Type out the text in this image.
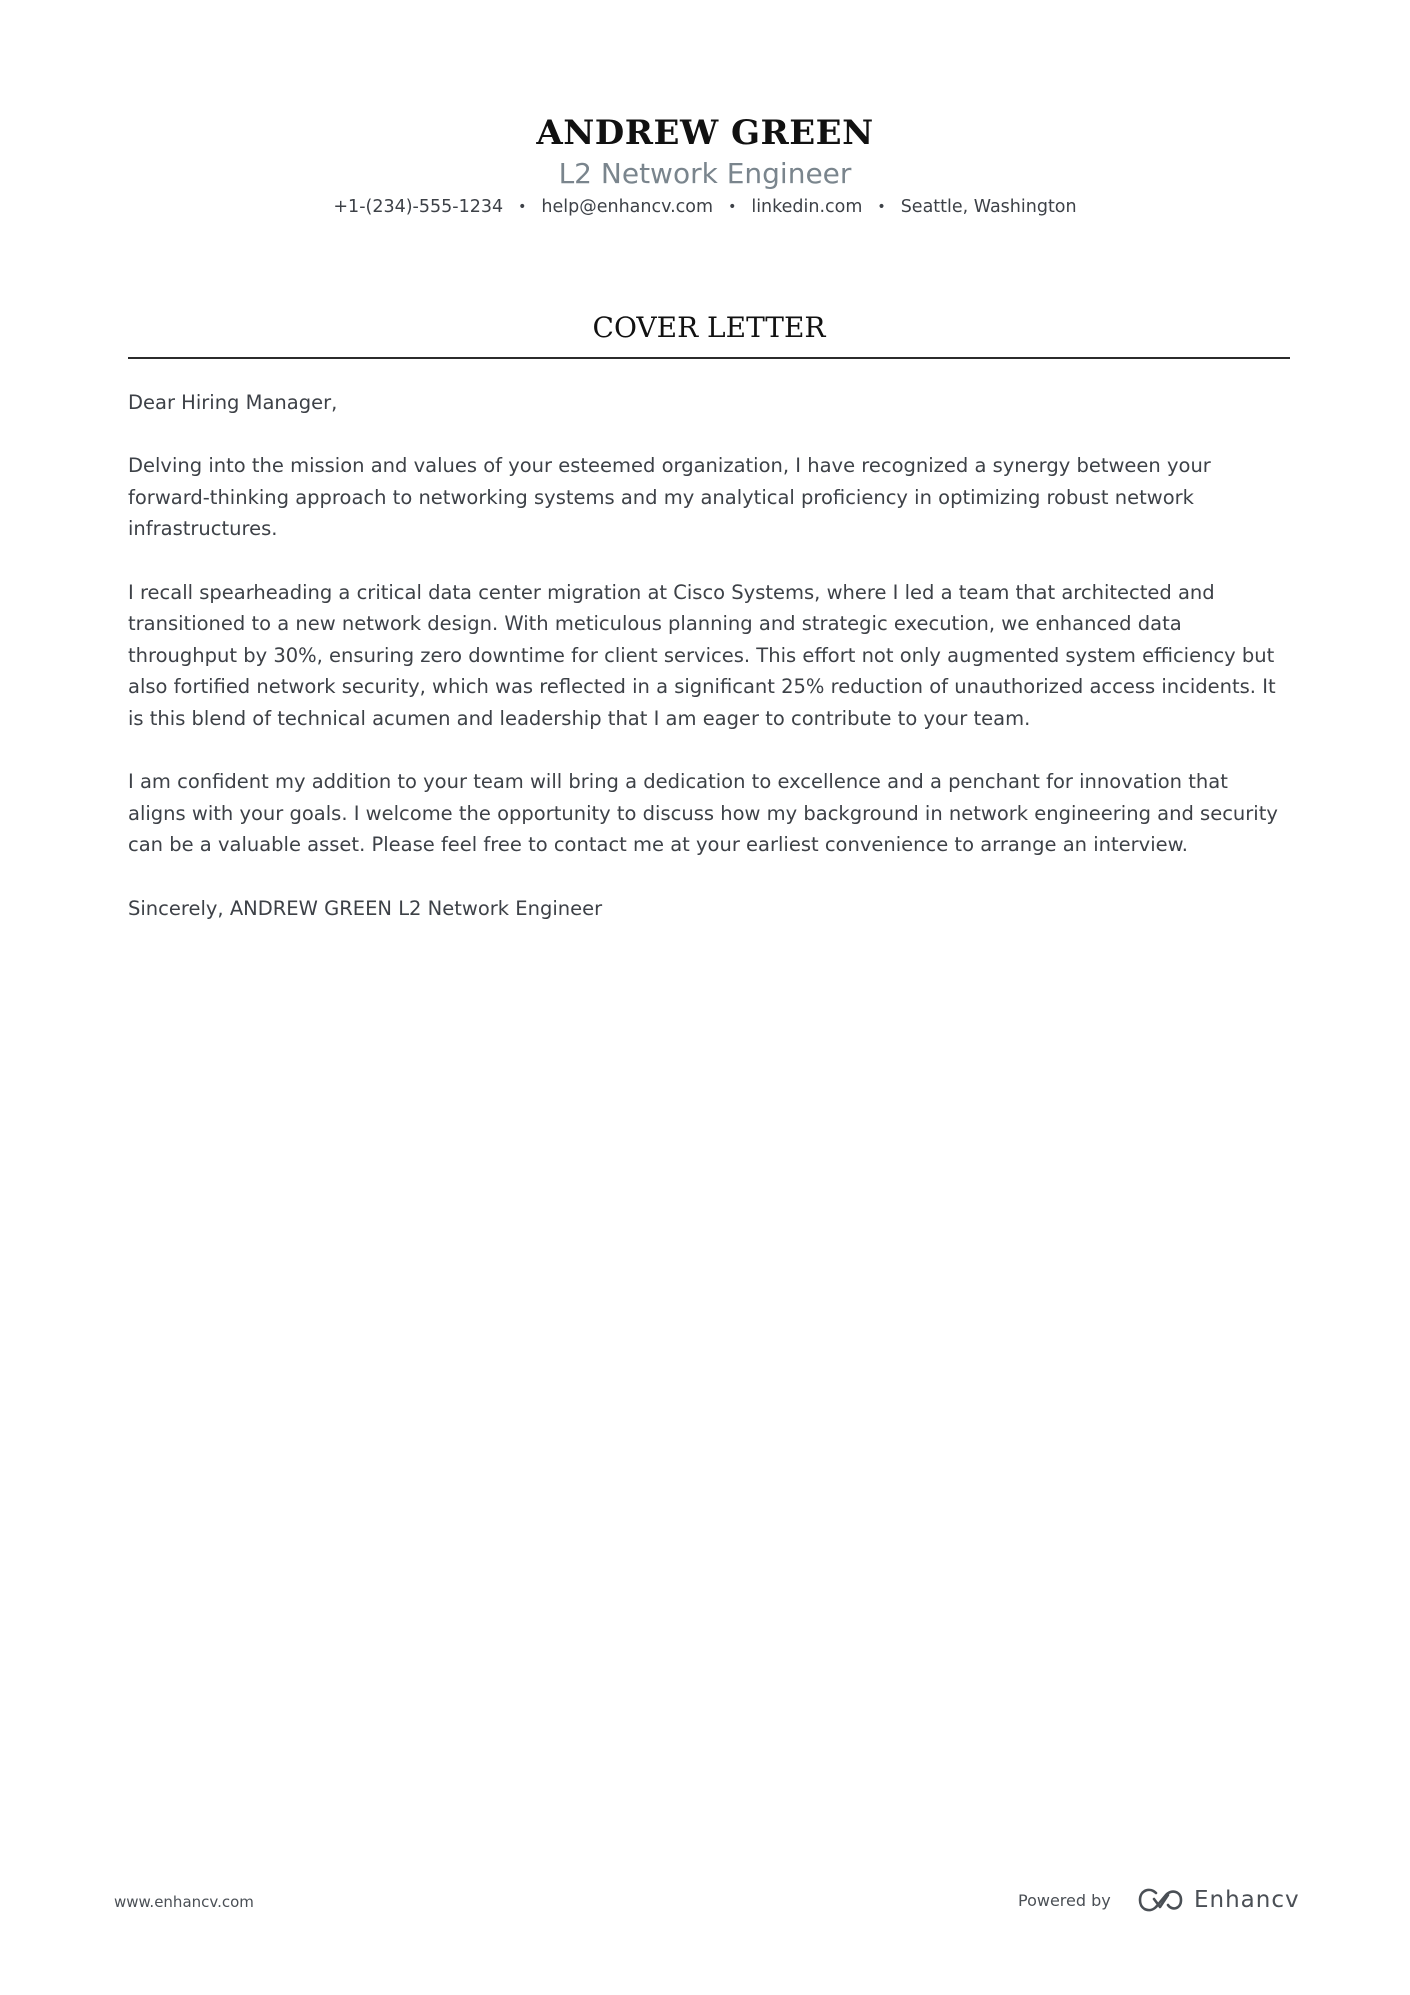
ANDREW GREEN
L2 Network Engineer
+1-(234)-555-1234 • help@enhancv.com • linkedin.com • Seattle, Washington
COVER LETTER

Dear Hiring Manager,

Delving into the mission and values of your esteemed organization, I have recognized a synergy between your forward-thinking approach to networking systems and my analytical proficiency in optimizing robust network infrastructures.

I recall spearheading a critical data center migration at Cisco Systems, where I led a team that architected and transitioned to a new network design. With meticulous planning and strategic execution, we enhanced data throughput by 30%, ensuring zero downtime for client services. This effort not only augmented system efficiency but also fortified network security, which was reflected in a significant 25% reduction of unauthorized access incidents. It is this blend of technical acumen and leadership that I am eager to contribute to your team.

I am confident my addition to your team will bring a dedication to excellence and a penchant for innovation that aligns with your goals. I welcome the opportunity to discuss how my background in network engineering and security can be a valuable asset. Please feel free to contact me at your earliest convenience to arrange an interview.

Sincerely, ANDREW GREEN L2 Network Engineer

www.enhancv.com	Powered by	Enhancv
